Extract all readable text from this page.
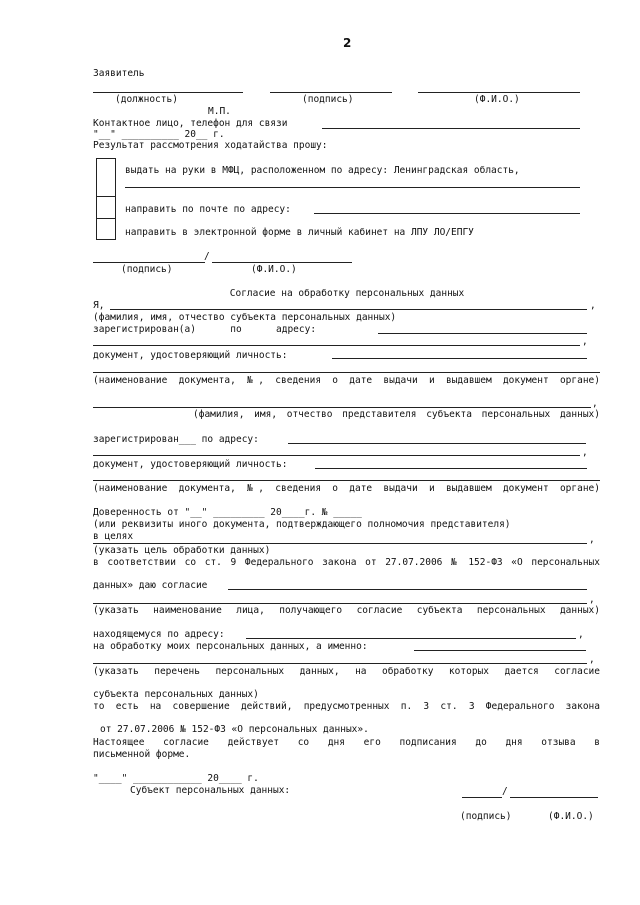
2
Заявитель
(должность)	(подпись)	(Ф.И.О.)
М.П.
Контактное лицо, телефон для связи
"__" __________ 20__ г.
Результат рассмотрения ходатайства прошу:
выдать на руки в МФЦ, расположенном по адресу: Ленинградская область,
направить по почте по адресу:
направить в электронной форме в личный кабинет на ЛПУ ЛО/ЕПГУ
/
(подпись)	(Ф.И.О.)
Согласие на обработку персональных данных
Я,	,
(фамилия, имя, отчество субъекта персональных данных)
зарегистрирован(а)      по      адресу:
,
документ, удостоверяющий личность:
(наименование документа, №, сведения о дате выдачи и выдавшем документ органе)
,
(фамилия, имя, отчество представителя субъекта персональных данных)
зарегистрирован___ по адресу:
,
документ, удостоверяющий личность:
(наименование документа, №, сведения о дате выдачи и выдавшем документ органе)
Доверенность от "__" _________ 20____г. № _____
(или реквизиты иного документа, подтверждающего полномочия представителя)
в целях	,
(указать цель обработки данных)
в соответствии со ст. 9 Федерального закона от 27.07.2006 № 152-ФЗ «О персональных
данных» даю согласие
,
(указать наименование лица, получающего согласие субъекта персональных данных)
находящемуся по адресу:	,
на обработку моих персональных данных, а именно:
,
(указать перечень персональных данных, на обработку которых дается согласие
субъекта персональных данных)
то есть на совершение действий, предусмотренных п. 3 ст. 3 Федерального закона
от 27.07.2006 № 152-ФЗ «О персональных данных».
Настоящее согласие действует со дня его подписания до дня отзыва в
письменной форме.
"____" ____________ 20____ г.
Субъект персональных данных:	/
(подпись)	(Ф.И.О.)
